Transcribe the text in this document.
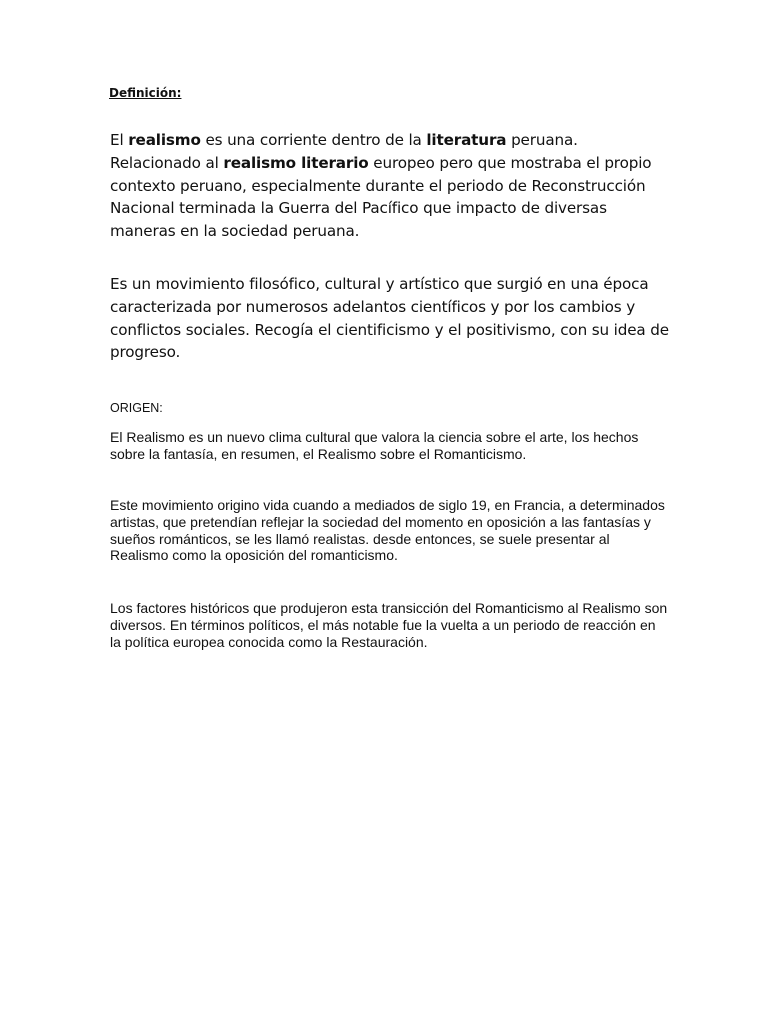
Definición:

El realismo es una corriente dentro de la literatura peruana. Relacionado al realismo literario europeo pero que mostraba el propio contexto peruano, especialmente durante el periodo de Reconstrucción Nacional terminada la Guerra del Pacífico que impacto de diversas maneras en la sociedad peruana.

Es un movimiento filosófico, cultural y artístico que surgió en una época caracterizada por numerosos adelantos científicos y por los cambios y conflictos sociales. Recogía el cientificismo y el positivismo, con su idea de progreso.

ORIGEN:

El Realismo es un nuevo clima cultural que valora la ciencia sobre el arte, los hechos sobre la fantasía, en resumen, el Realismo sobre el Romanticismo.

Este movimiento origino vida cuando a mediados de siglo 19, en Francia, a determinados artistas, que pretendían reflejar la sociedad del momento en oposición a las fantasías y sueños románticos, se les llamó realistas. desde entonces, se suele presentar al Realismo como la oposición del romanticismo.

Los factores históricos que produjeron esta transicción del Romanticismo al Realismo son diversos. En términos políticos, el más notable fue la vuelta a un periodo de reacción en la política europea conocida como la Restauración.
